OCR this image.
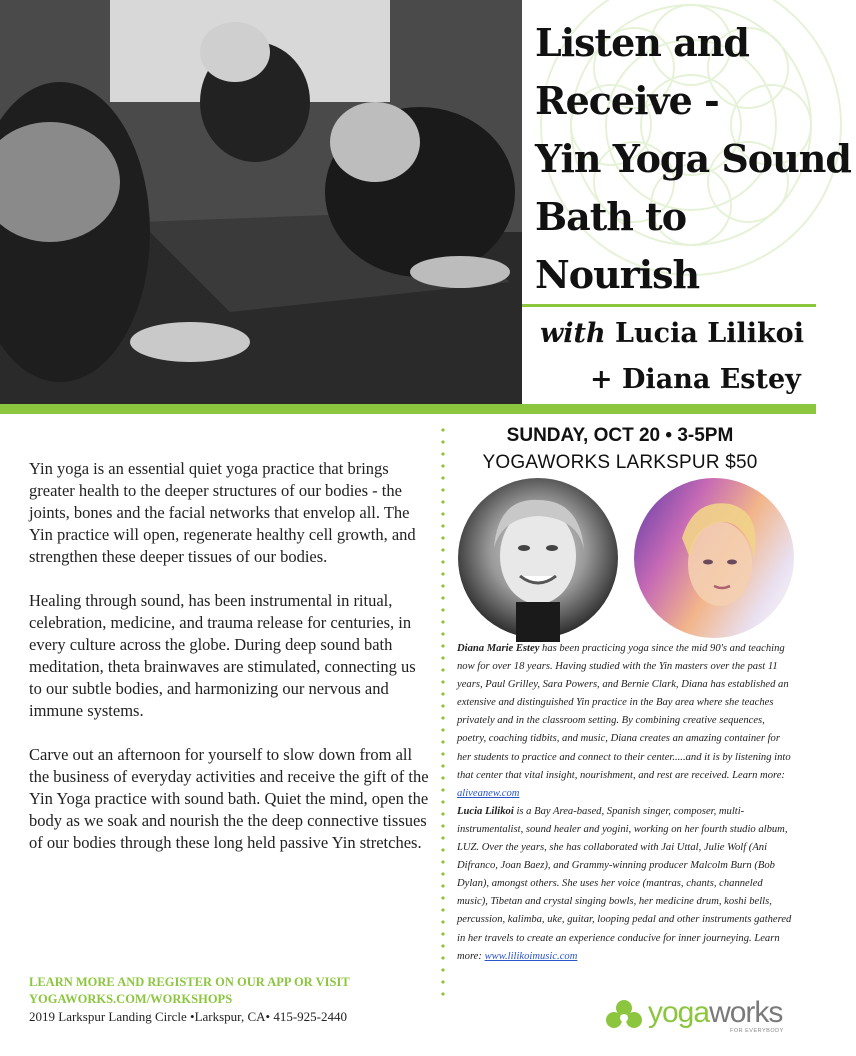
Listen and
Receive -
Yin Yoga Sound
Bath to
Nourish
with Lucia Lilikoi
+ Diana Estey

Yin yoga is an essential quiet yoga practice that brings greater health to the deeper structures of our bodies - the joints, bones and the facial networks that envelop all. The Yin practice will open, regenerate healthy cell growth, and strengthen these deeper tissues of our bodies.

Healing through sound, has been instrumental in ritual, celebration, medicine, and trauma release for centuries, in every culture across the globe. During deep sound bath meditation, theta brainwaves are stimulated, connecting us to our subtle bodies, and harmonizing our nervous and immune systems.

Carve out an afternoon for yourself to slow down from all the business of everyday activities and receive the gift of the Yin Yoga practice with sound bath. Quiet the mind, open the body as we soak and nourish the the deep connective tissues of our bodies through these long held passive Yin stretches.

LEARN MORE AND REGISTER ON OUR APP OR VISIT
YOGAWORKS.COM/WORKSHOPS
2019 Larkspur Landing Circle •Larkspur, CA• 415-925-2440
SUNDAY, OCT 20 • 3-5PM
YOGAWORKS LARKSPUR $50
Diana Marie Estey has been practicing yoga since the mid 90's and teaching now for over 18 years. Having studied with the Yin masters over the past 11 years, Paul Grilley, Sara Powers, and Bernie Clark, Diana has established an extensive and distinguished Yin practice in the Bay area where she teaches privately and in the classroom setting. By combining creative sequences, poetry, coaching tidbits, and music, Diana creates an amazing container for her students to practice and connect to their center.....and it is by listening into that center that vital insight, nourishment, and rest are received. Learn more:
aliveanew.com
Lucia Lilikoi is a Bay Area-based, Spanish singer, composer, multi-instrumentalist, sound healer and yogini, working on her fourth studio album, LUZ. Over the years, she has collaborated with Jai Uttal, Julie Wolf (Ani Difranco, Joan Baez), and Grammy-winning producer Malcolm Burn (Bob Dylan), amongst others. She uses her voice (mantras, chants, channeled music), Tibetan and crystal singing bowls, her medicine drum, koshi bells, percussion, kalimba, uke, guitar, looping pedal and other instruments gathered in her travels to create an experience conducive for inner journeying. Learn more: www.lilikoimusic.com
yogaworks
FOR EVERYBODY
